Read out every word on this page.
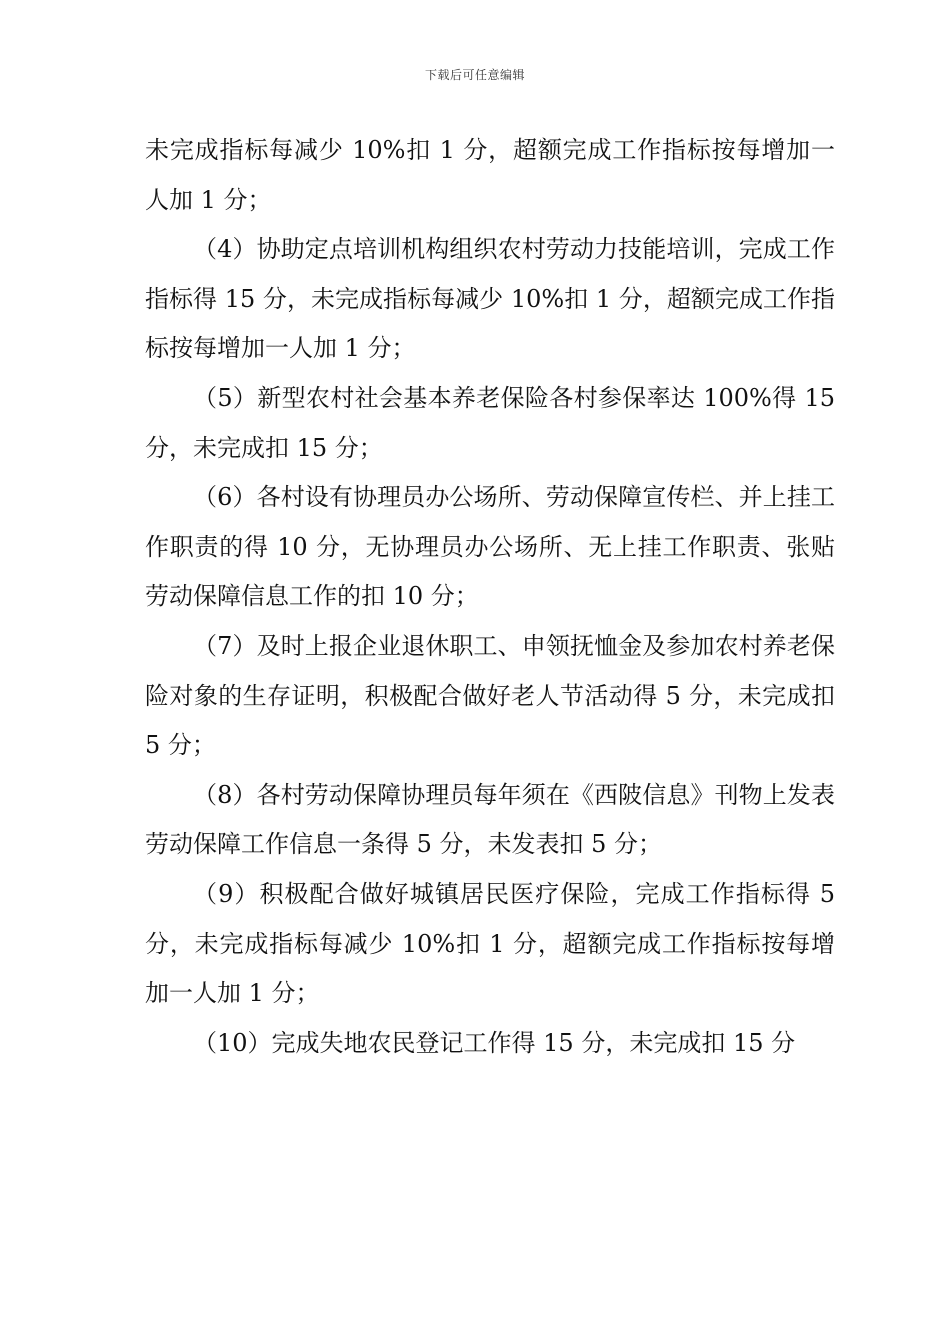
下载后可任意编辑

未完成指标每减少 10%扣 1 分，超额完成工作指标按每增加一人加 1 分；

（4）协助定点培训机构组织农村劳动力技能培训，完成工作指标得 15 分，未完成指标每减少 10%扣 1 分，超额完成工作指标按每增加一人加 1 分；

（5）新型农村社会基本养老保险各村参保率达 100%得 15 分，未完成扣 15 分；

（6）各村设有协理员办公场所、劳动保障宣传栏、并上挂工作职责的得 10 分，无协理员办公场所、无上挂工作职责、张贴劳动保障信息工作的扣 10 分；

（7）及时上报企业退休职工、申领抚恤金及参加农村养老保险对象的生存证明，积极配合做好老人节活动得 5 分，未完成扣 5 分；

（8）各村劳动保障协理员每年须在《西陂信息》刊物上发表劳动保障工作信息一条得 5 分，未发表扣 5 分；

（9）积极配合做好城镇居民医疗保险，完成工作指标得 5 分，未完成指标每减少 10%扣 1 分，超额完成工作指标按每增加一人加 1 分；

（10）完成失地农民登记工作得 15 分，未完成扣 15 分
